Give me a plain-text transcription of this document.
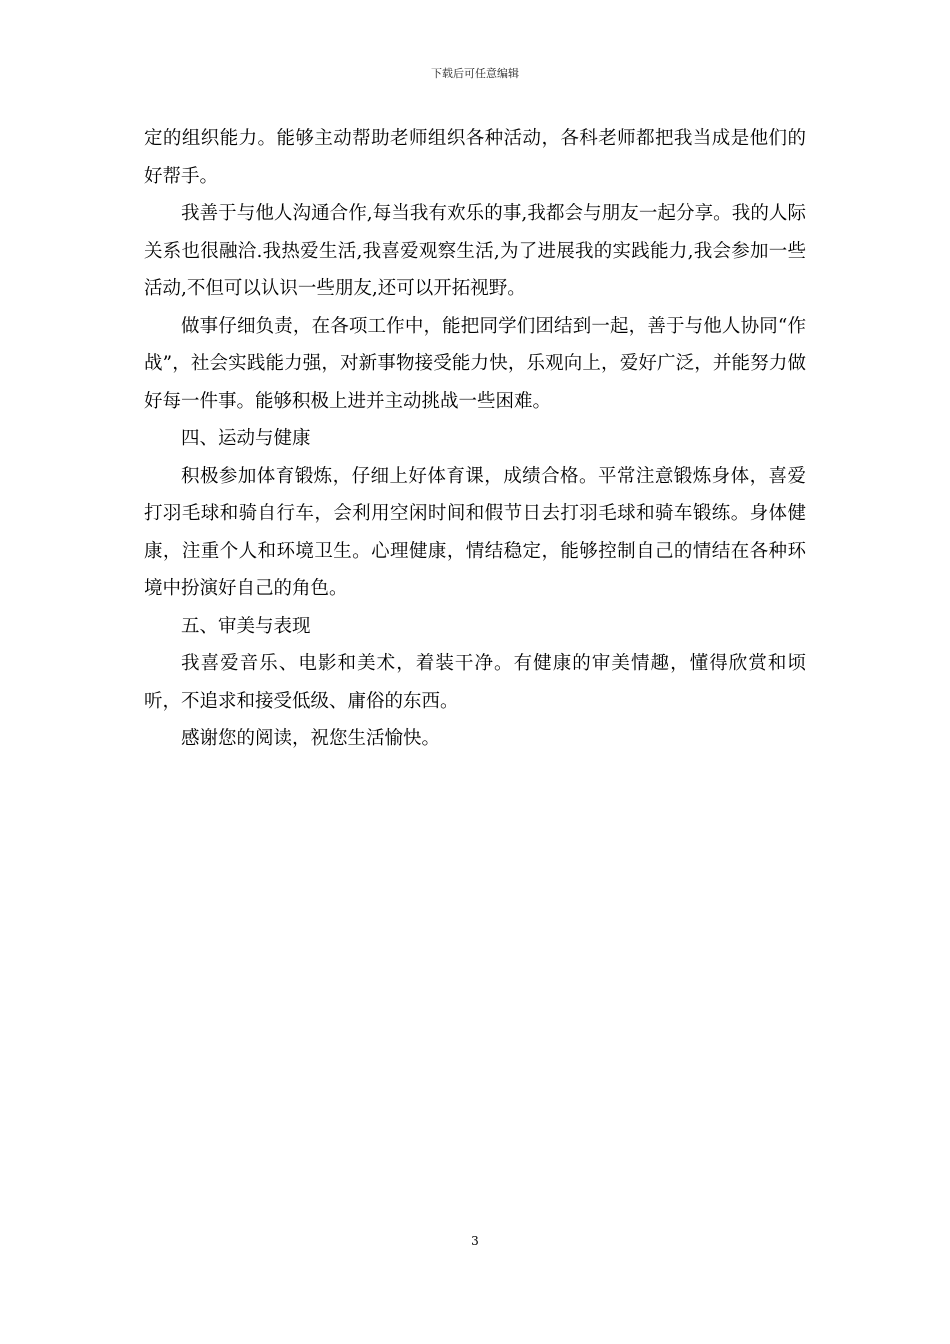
下载后可任意编辑

定的组织能力。能够主动帮助老师组织各种活动，各科老师都把我当成是他们的好帮手。

我善于与他人沟通合作,每当我有欢乐的事,我都会与朋友一起分享。我的人际关系也很融洽.我热爱生活,我喜爱观察生活,为了进展我的实践能力,我会参加一些活动,不但可以认识一些朋友,还可以开拓视野。

做事仔细负责，在各项工作中，能把同学们团结到一起，善于与他人协同“作战”，社会实践能力强，对新事物接受能力快，乐观向上，爱好广泛，并能努力做好每一件事。能够积极上进并主动挑战一些困难。

四、运动与健康

积极参加体育锻炼，仔细上好体育课，成绩合格。平常注意锻炼身体，喜爱打羽毛球和骑自行车，会利用空闲时间和假节日去打羽毛球和骑车锻练。身体健康，注重个人和环境卫生。心理健康，情结稳定，能够控制自己的情结在各种环境中扮演好自己的角色。

五、审美与表现

我喜爱音乐、电影和美术，着装干净。有健康的审美情趣，懂得欣赏和顷听，不追求和接受低级、庸俗的东西。

感谢您的阅读，祝您生活愉快。

3
